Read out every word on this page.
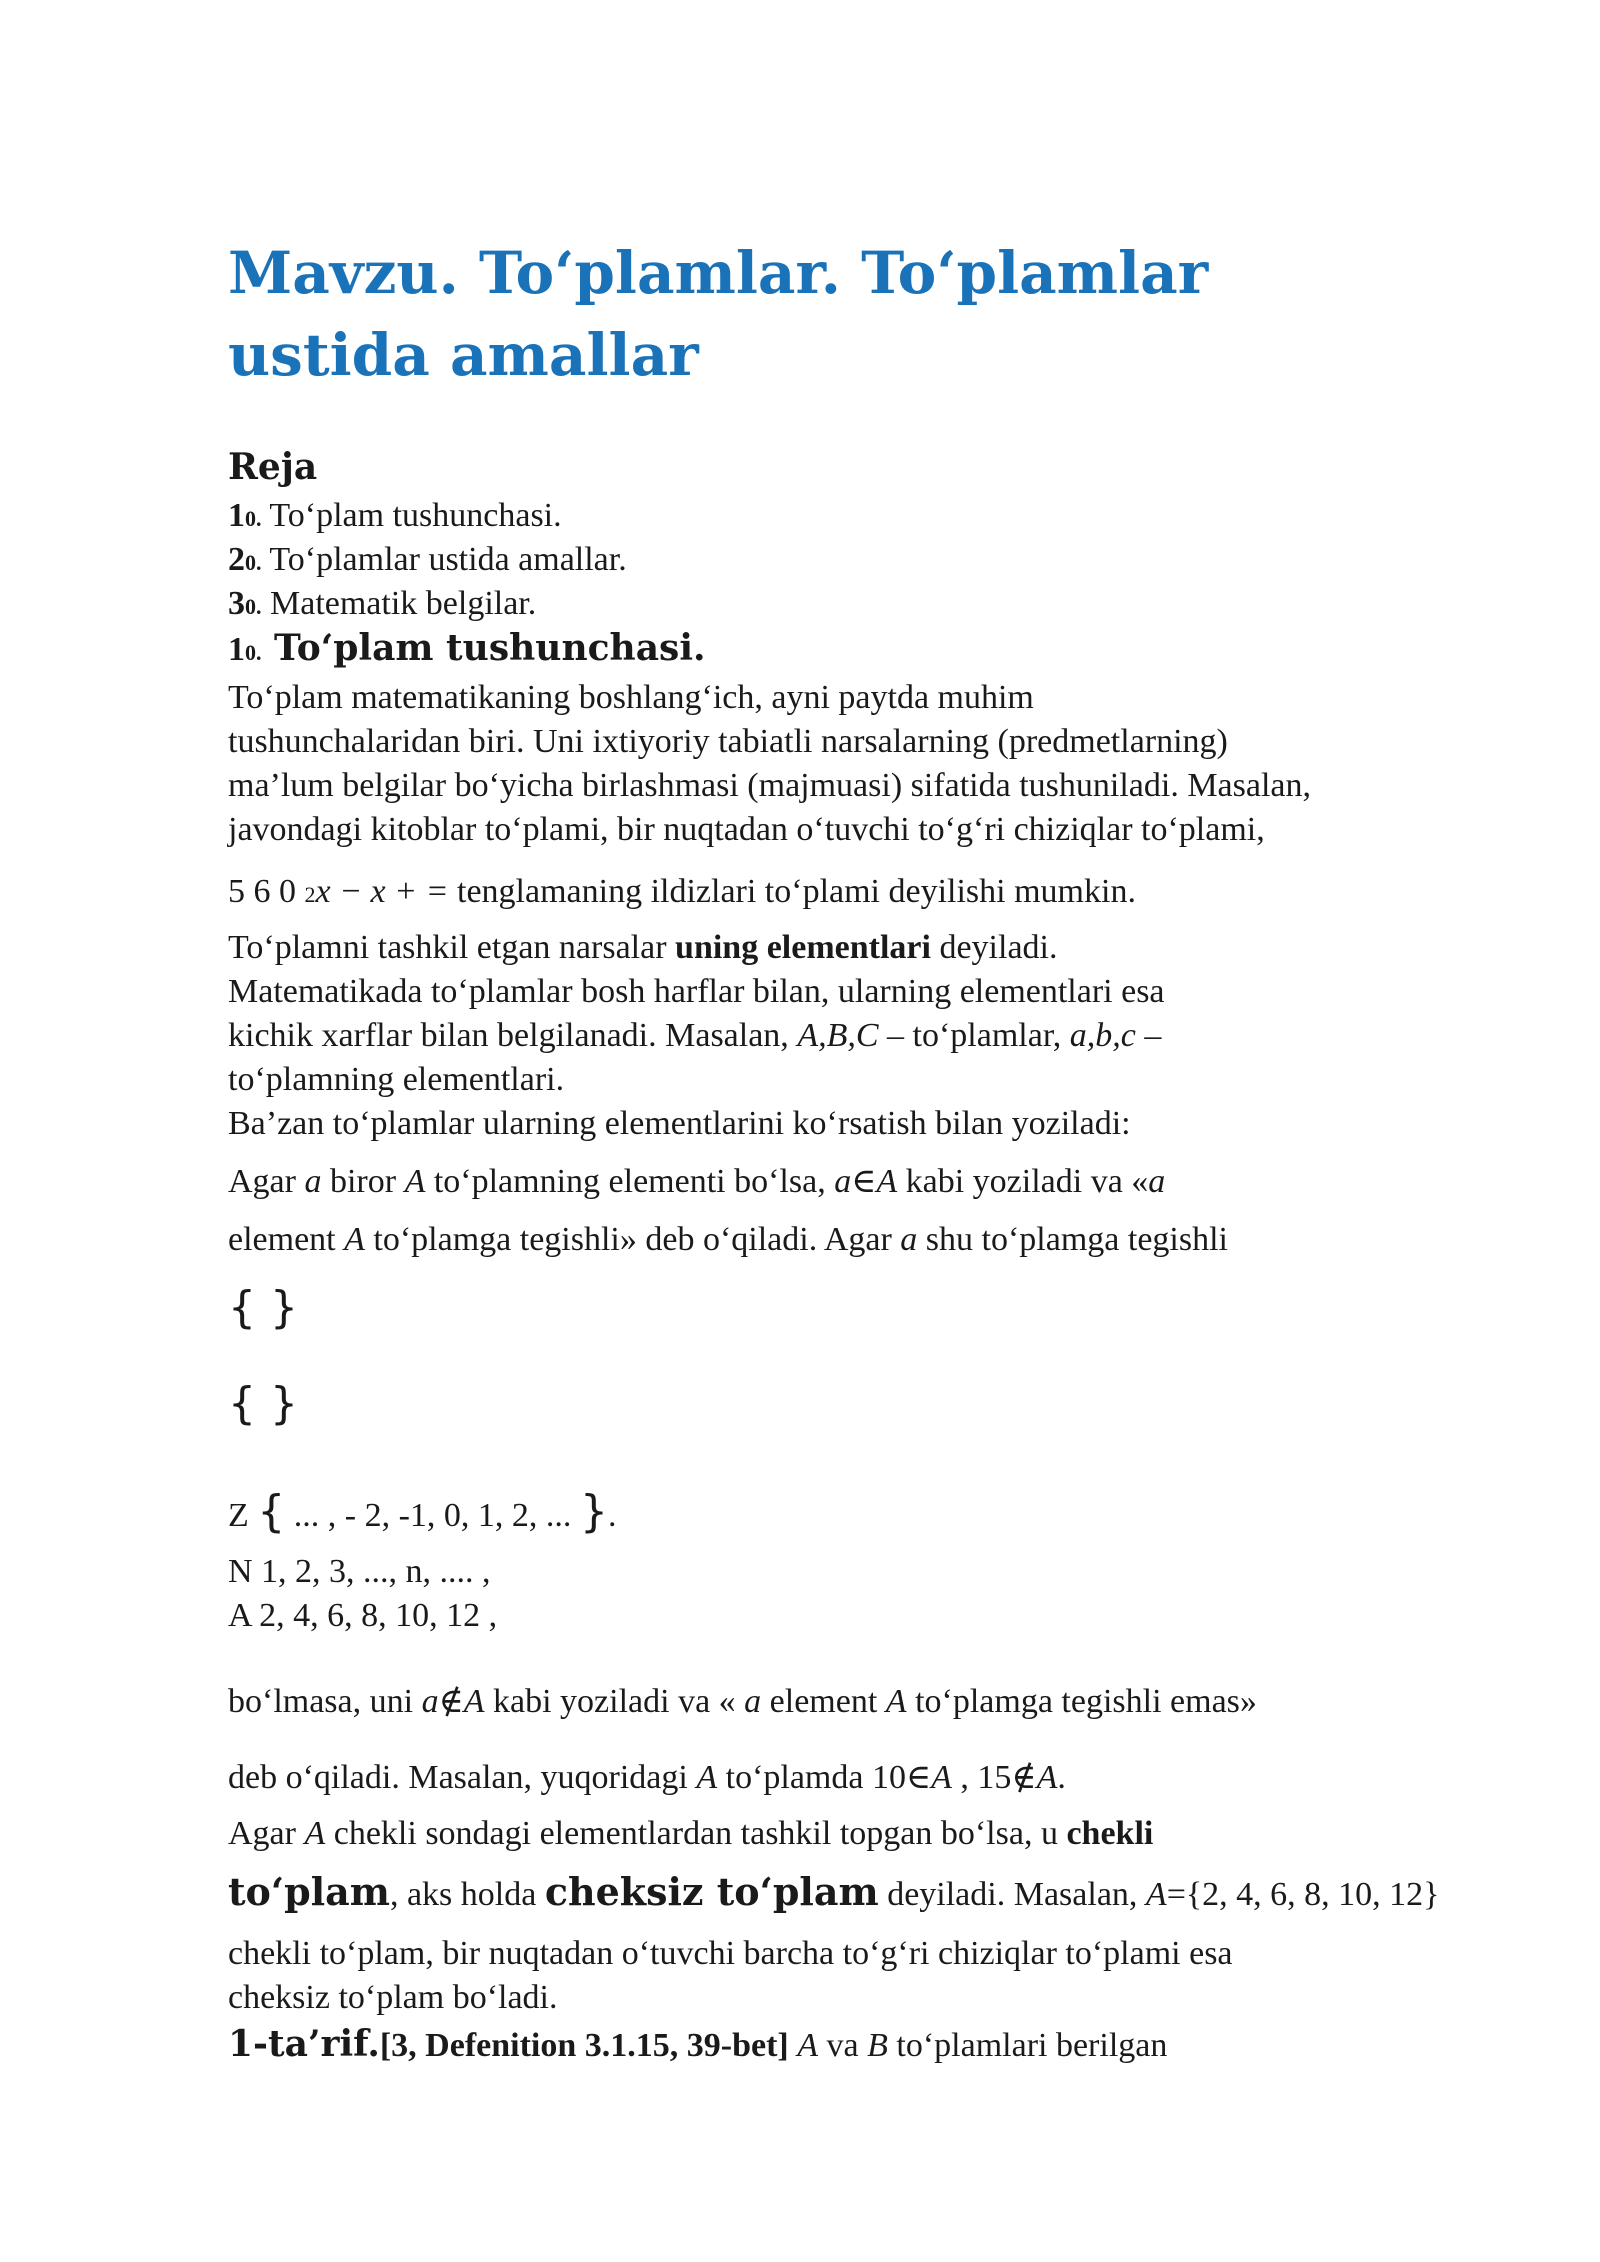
Mavzu. To‘plamlar. To‘plamlar ustida amallar
Reja
10. To‘plam tushunchasi.
20. To‘plamlar ustida amallar.
30. Matematik belgilar.
10. To‘plam tushunchasi.
To‘plam matematikaning boshlang‘ich, ayni paytda muhim
tushunchalaridan biri. Uni ixtiyoriy tabiatli narsalarning (predmetlarning)
ma’lum belgilar bo‘yicha birlashmasi (majmuasi) sifatida tushuniladi. Masalan,
javondagi kitoblar to‘plami, bir nuqtadan o‘tuvchi to‘g‘ri chiziqlar to‘plami,
5 6 0 2x − x + = tenglamaning ildizlari to‘plami deyilishi mumkin.
To‘plamni tashkil etgan narsalar uning elementlari deyiladi.
Matematikada to‘plamlar bosh harflar bilan, ularning elementlari esa
kichik xarflar bilan belgilanadi. Masalan, A,B,C – to‘plamlar, a,b,c –
to‘plamning elementlari.
Ba’zan to‘plamlar ularning elementlarini ko‘rsatish bilan yoziladi:
Agar a biror A to‘plamning elementi bo‘lsa, a∈A kabi yoziladi va «a
element A to‘plamga tegishli» deb o‘qiladi. Agar a shu to‘plamga tegishli
{ }
{ }
Z { ... , - 2, -1, 0, 1, 2, ... }.
N 1, 2, 3, ..., n, .... ,
A 2, 4, 6, 8, 10, 12 ,
bo‘lmasa, uni a∉A kabi yoziladi va « a element A to‘plamga tegishli emas»
deb o‘qiladi. Masalan, yuqoridagi A to‘plamda 10∈A , 15∉A.
Agar A chekli sondagi elementlardan tashkil topgan bo‘lsa, u chekli
to‘plam, aks holda cheksiz to‘plam deyiladi. Masalan, A={2, 4, 6, 8, 10, 12}
chekli to‘plam, bir nuqtadan o‘tuvchi barcha to‘g‘ri chiziqlar to‘plami esa
cheksiz to‘plam bo‘ladi.
1-ta’rif.[3, Defenition 3.1.15, 39-bet] A va B to‘plamlari berilgan
